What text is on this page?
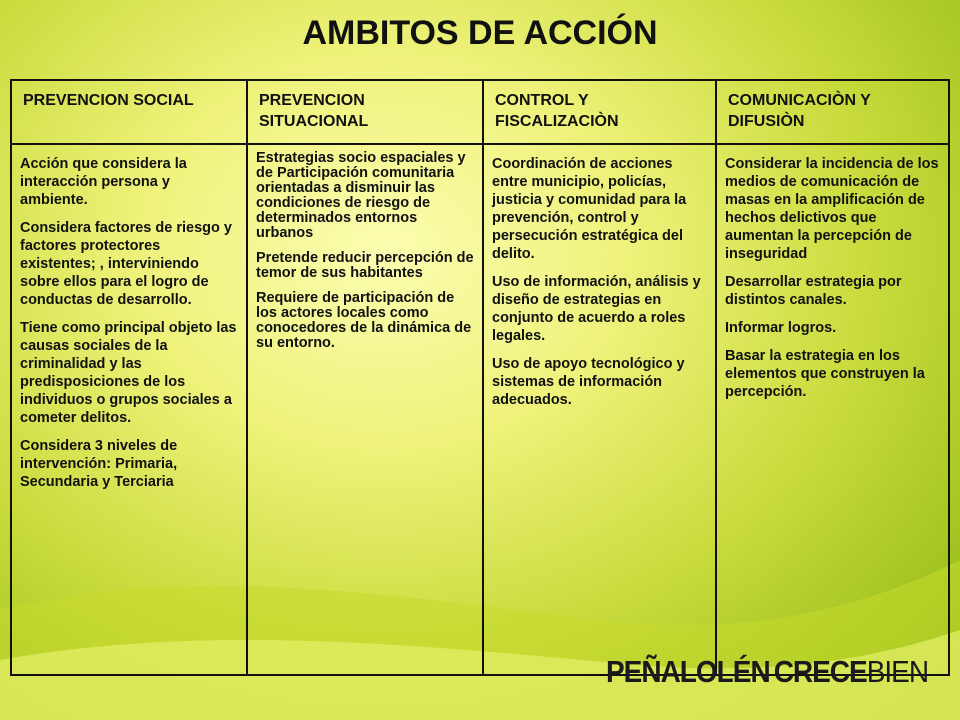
AMBITOS DE ACCIÓN
PREVENCION SOCIAL	PREVENCION SITUACIONAL
CONTROL Y FISCALIZACIÒN
COMUNICACIÒN Y DIFUSIÒN

Acción que considera la interacción persona y ambiente.

Considera factores de riesgo y factores protectores existentes; , interviniendo sobre ellos para el logro de conductas de desarrollo.

Tiene como principal objeto las causas sociales de la criminalidad y las predisposiciones de los individuos o grupos sociales a cometer delitos.

Considera 3 niveles de intervención: Primaria, Secundaria y Terciaria

Estrategias socio espaciales y de Participación comunitaria orientadas a disminuir las condiciones de riesgo de determinados entornos urbanos

Pretende reducir percepción de temor de sus habitantes

Requiere de participación de los actores locales como conocedores de la dinámica de su entorno.

Coordinación de acciones entre municipio, policías, justicia y comunidad para la prevención, control y persecución estratégica del delito.

Uso de información, análisis y diseño de estrategias en conjunto de acuerdo a roles legales.

Uso de apoyo tecnológico y sistemas de información adecuados.

Considerar la incidencia de los medios de comunicación de masas en la amplificación de hechos delictivos que aumentan la percepción de inseguridad

Desarrollar estrategia por distintos canales.

Informar logros.

Basar la estrategia en los elementos que construyen la percepción.

PEÑALOLÉN CRECE BIEN
